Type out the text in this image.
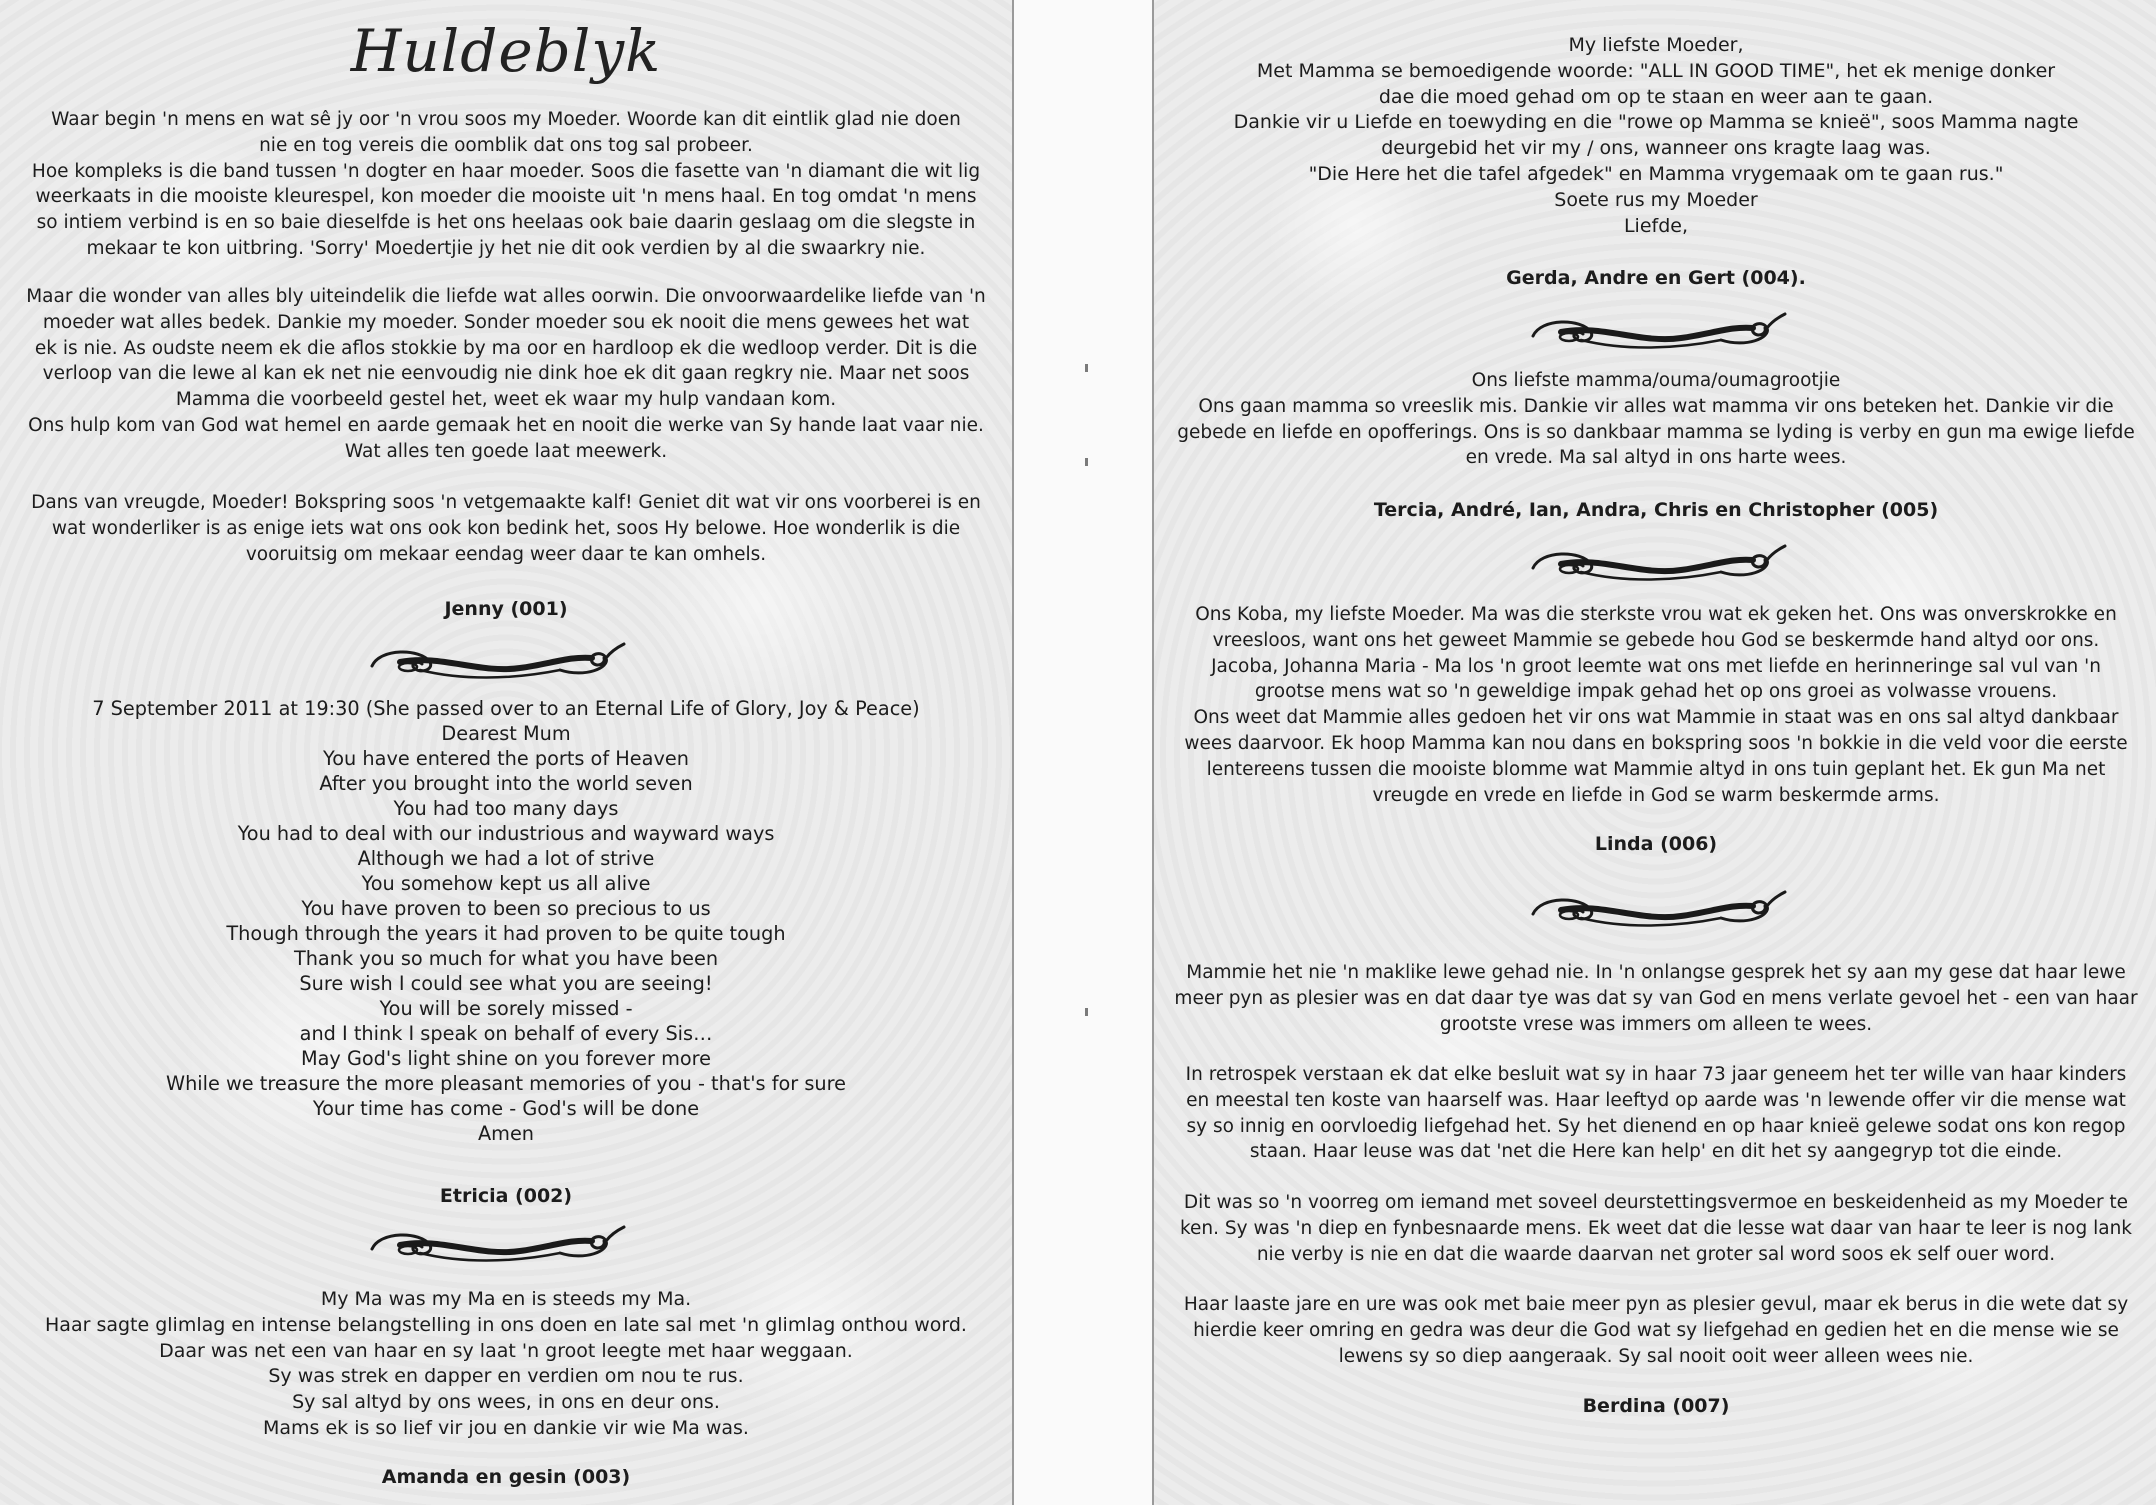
Huldeblyk
Waar begin 'n mens en wat sê jy oor 'n vrou soos my Moeder. Woorde kan dit eintlik glad nie doen
nie en tog vereis die oomblik dat ons tog sal probeer.
Hoe kompleks is die band tussen 'n dogter en haar moeder. Soos die fasette van 'n diamant die wit lig
weerkaats in die mooiste kleurespel, kon moeder die mooiste uit 'n mens haal. En tog omdat 'n mens
so intiem verbind is en so baie dieselfde is het ons heelaas ook baie daarin geslaag om die slegste in
mekaar te kon uitbring. 'Sorry' Moedertjie jy het nie dit ook verdien by al die swaarkry nie.
Maar die wonder van alles bly uiteindelik die liefde wat alles oorwin. Die onvoorwaardelike liefde van 'n
moeder wat alles bedek. Dankie my moeder. Sonder moeder sou ek nooit die mens gewees het wat
ek is nie. As oudste neem ek die aflos stokkie by ma oor en hardloop ek die wedloop verder. Dit is die
verloop van die lewe al kan ek net nie eenvoudig nie dink hoe ek dit gaan regkry nie. Maar net soos
Mamma die voorbeeld gestel het, weet ek waar my hulp vandaan kom.
Ons hulp kom van God wat hemel en aarde gemaak het en nooit die werke van Sy hande laat vaar nie.
Wat alles ten goede laat meewerk.
Dans van vreugde, Moeder! Bokspring soos 'n vetgemaakte kalf! Geniet dit wat vir ons voorberei is en
wat wonderliker is as enige iets wat ons ook kon bedink het, soos Hy belowe. Hoe wonderlik is die
vooruitsig om mekaar eendag weer daar te kan omhels.
Jenny (001)
7 September 2011 at 19:30 (She passed over to an Eternal Life of Glory, Joy & Peace)
Dearest Mum
You have entered the ports of Heaven
After you brought into the world seven
You had too many days
You had to deal with our industrious and wayward ways
Although we had a lot of strive
You somehow kept us all alive
You have proven to been so precious to us
Though through the years it had proven to be quite tough
Thank you so much for what you have been
Sure wish I could see what you are seeing!
You will be sorely missed -
and I think I speak on behalf of every Sis…
May God's light shine on you forever more
While we treasure the more pleasant memories of you - that's for sure
Your time has come - God's will be done
Amen
Etricia (002)
My Ma was my Ma en is steeds my Ma.
Haar sagte glimlag en intense belangstelling in ons doen en late sal met 'n glimlag onthou word.
Daar was net een van haar en sy laat 'n groot leegte met haar weggaan.
Sy was strek en dapper en verdien om nou te rus.
Sy sal altyd by ons wees, in ons en deur ons.
Mams ek is so lief vir jou en dankie vir wie Ma was.
Amanda en gesin (003)
My liefste Moeder,
Met Mamma se bemoedigende woorde: "ALL IN GOOD TIME", het ek menige donker
dae die moed gehad om op te staan en weer aan te gaan.
Dankie vir u Liefde en toewyding en die "rowe op Mamma se knieë", soos Mamma nagte
deurgebid het vir my / ons, wanneer ons kragte laag was.
"Die Here het die tafel afgedek" en Mamma vrygemaak om te gaan rus."
Soete rus my Moeder
Liefde,
Gerda, Andre en Gert (004).
Ons liefste mamma/ouma/oumagrootjie
Ons gaan mamma so vreeslik mis. Dankie vir alles wat mamma vir ons beteken het. Dankie vir die
gebede en liefde en opofferings. Ons is so dankbaar mamma se lyding is verby en gun ma ewige liefde
en vrede. Ma sal altyd in ons harte wees.
Tercia, André, Ian, Andra, Chris en Christopher (005)
Ons Koba, my liefste Moeder. Ma was die sterkste vrou wat ek geken het. Ons was onverskrokke en
vreesloos, want ons het geweet Mammie se gebede hou God se beskermde hand altyd oor ons.
Jacoba, Johanna Maria - Ma los 'n groot leemte wat ons met liefde en herinneringe sal vul van 'n
grootse mens wat so 'n geweldige impak gehad het op ons groei as volwasse vrouens.
Ons weet dat Mammie alles gedoen het vir ons wat Mammie in staat was en ons sal altyd dankbaar
wees daarvoor. Ek hoop Mamma kan nou dans en bokspring soos 'n bokkie in die veld voor die eerste
lentereens tussen die mooiste blomme wat Mammie altyd in ons tuin geplant het. Ek gun Ma net
vreugde en vrede en liefde in God se warm beskermde arms.
Linda (006)
Mammie het nie 'n maklike lewe gehad nie. In 'n onlangse gesprek het sy aan my gese dat haar lewe
meer pyn as plesier was en dat daar tye was dat sy van God en mens verlate gevoel het - een van haar
grootste vrese was immers om alleen te wees.
In retrospek verstaan ek dat elke besluit wat sy in haar 73 jaar geneem het ter wille van haar kinders
en meestal ten koste van haarself was. Haar leeftyd op aarde was 'n lewende offer vir die mense wat
sy so innig en oorvloedig liefgehad het. Sy het dienend en op haar knieë gelewe sodat ons kon regop
staan. Haar leuse was dat 'net die Here kan help' en dit het sy aangegryp tot die einde.
Dit was so 'n voorreg om iemand met soveel deurstettingsvermoe en beskeidenheid as my Moeder te
ken. Sy was 'n diep en fynbesnaarde mens. Ek weet dat die lesse wat daar van haar te leer is nog lank
nie verby is nie en dat die waarde daarvan net groter sal word soos ek self ouer word.
Haar laaste jare en ure was ook met baie meer pyn as plesier gevul, maar ek berus in die wete dat sy
hierdie keer omring en gedra was deur die God wat sy liefgehad en gedien het en die mense wie se
lewens sy so diep aangeraak. Sy sal nooit ooit weer alleen wees nie.
Berdina (007)
